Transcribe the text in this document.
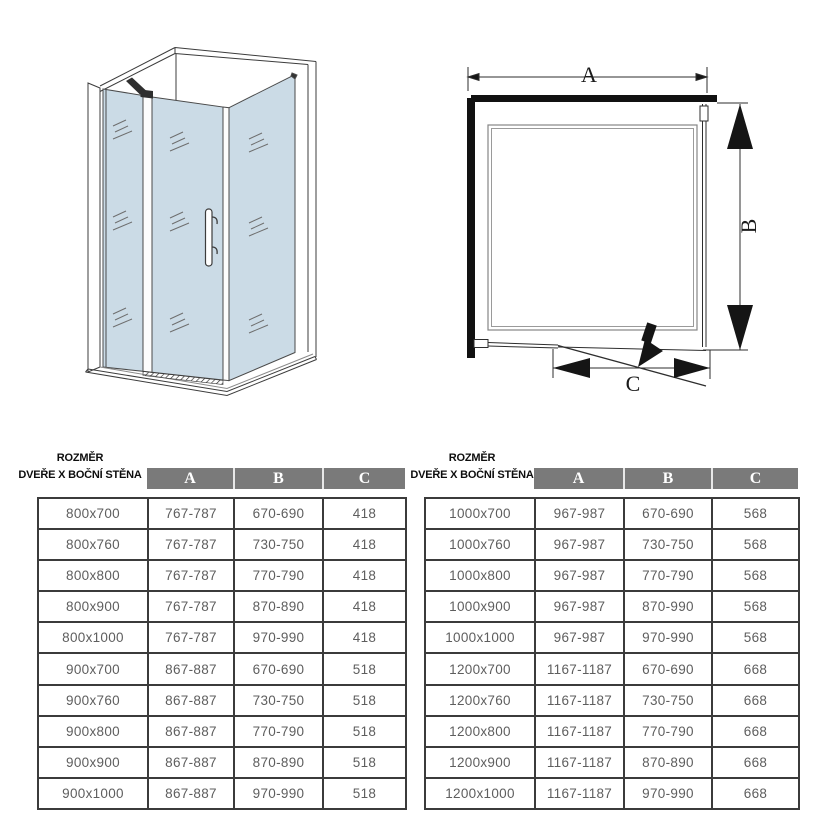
A
B
C
ROZMĚR
DVEŘE X BOČNÍ STĚNA	A	B	C
800x700	767-787	670-690	418
800x760	767-787	730-750	418
800x800	767-787	770-790	418
800x900	767-787	870-890	418
800x1000	767-787	970-990	418
900x700	867-887	670-690	518
900x760	867-887	730-750	518
900x800	867-887	770-790	518
900x900	867-887	870-890	518
900x1000	867-887	970-990	518
ROZMĚR
DVEŘE X BOČNÍ STĚNA	A	B	C
1000x700	967-987	670-690	568
1000x760	967-987	730-750	568
1000x800	967-987	770-790	568
1000x900	967-987	870-990	568
1000x1000	967-987	970-990	568
1200x700	1167-1187	670-690	668
1200x760	1167-1187	730-750	668
1200x800	1167-1187	770-790	668
1200x900	1167-1187	870-890	668
1200x1000	1167-1187	970-990	668
